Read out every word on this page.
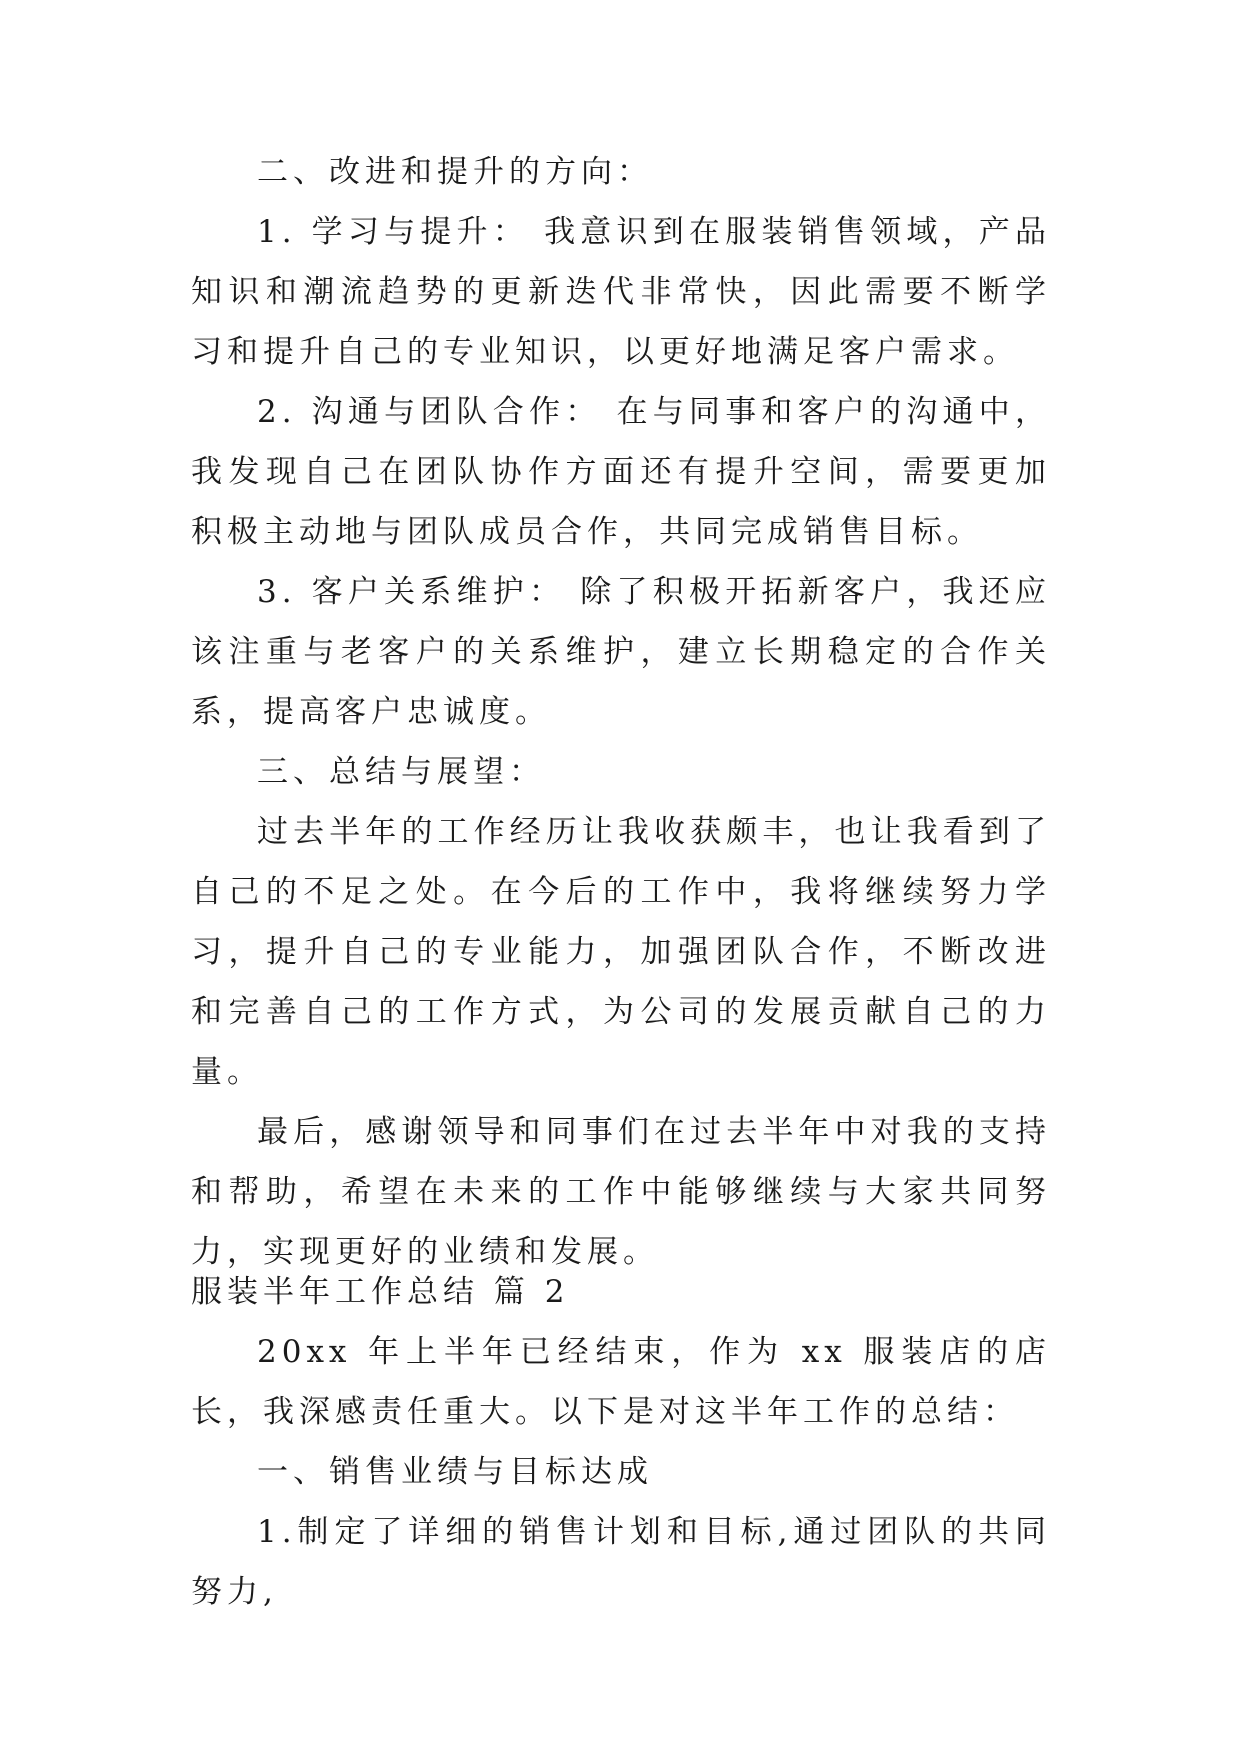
二、改进和提升的方向：

1. 学习与提升： 我意识到在服装销售领域，产品知识和潮流趋势的更新迭代非常快，因此需要不断学习和提升自己的专业知识，以更好地满足客户需求。

2. 沟通与团队合作： 在与同事和客户的沟通中，我发现自己在团队协作方面还有提升空间，需要更加积极主动地与团队成员合作，共同完成销售目标。

3. 客户关系维护： 除了积极开拓新客户，我还应该注重与老客户的关系维护，建立长期稳定的合作关系，提高客户忠诚度。

三、总结与展望：

过去半年的工作经历让我收获颇丰，也让我看到了自己的不足之处。在今后的工作中，我将继续努力学习，提升自己的专业能力，加强团队合作，不断改进和完善自己的工作方式，为公司的发展贡献自己的力量。

最后，感谢领导和同事们在过去半年中对我的支持和帮助，希望在未来的工作中能够继续与大家共同努力，实现更好的业绩和发展。

服装半年工作总结 篇 2

20xx 年上半年已经结束，作为 xx 服装店的店长，我深感责任重大。以下是对这半年工作的总结：

一、销售业绩与目标达成

1.制定了详细的销售计划和目标,通过团队的共同努力,
